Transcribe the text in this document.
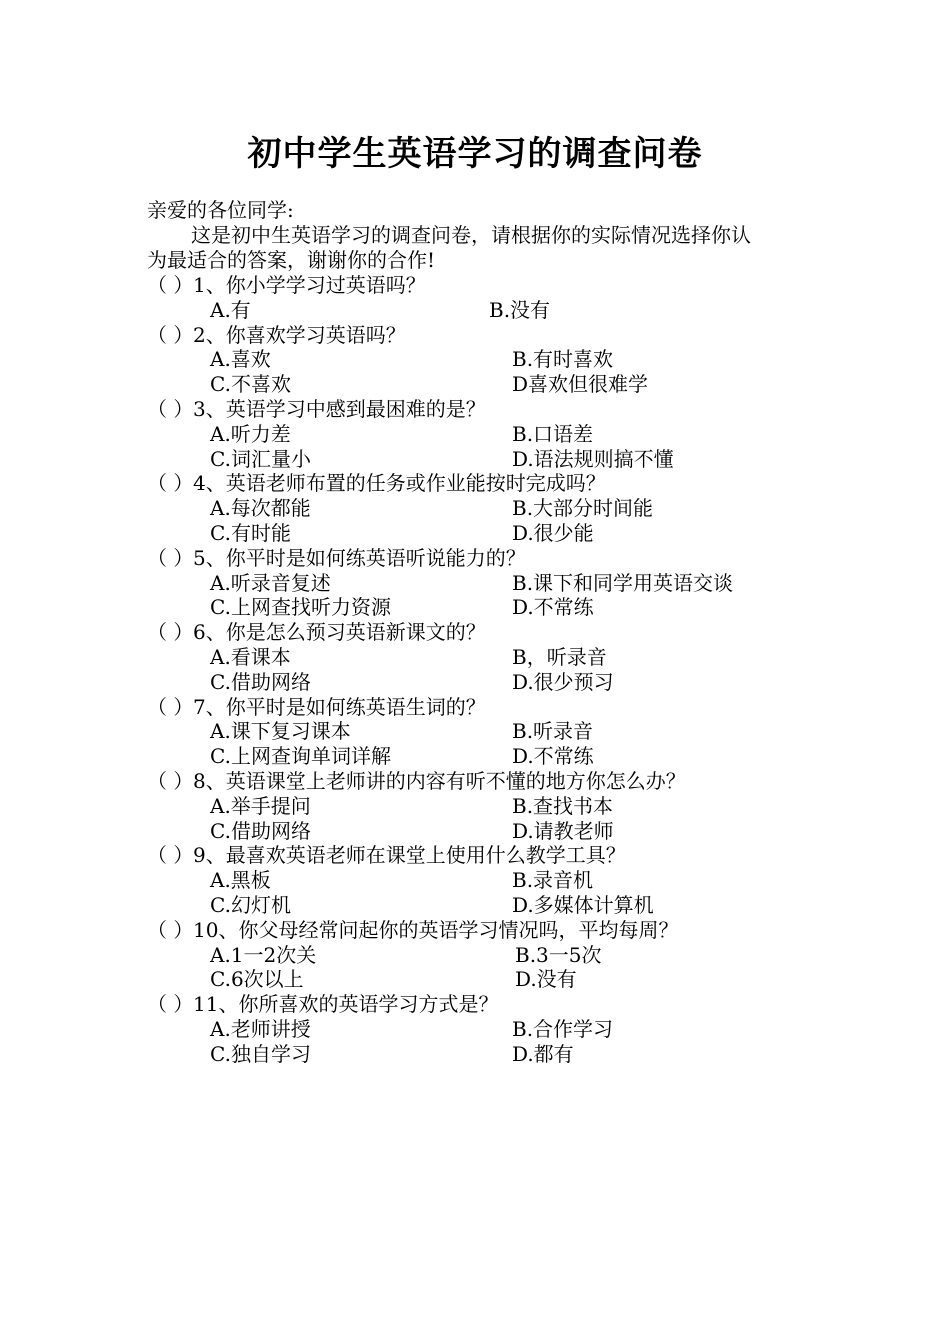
初中学生英语学习的调查问卷
亲爱的各位同学:
这是初中生英语学习的调查问卷，请根据你的实际情况选择你认
为最适合的答案，谢谢你的合作!
（ ） 1、你小学学习过英语吗？
A.有	B.没有
（ ） 2、你喜欢学习英语吗？
A.喜欢	B.有时喜欢
C.不喜欢	D喜欢但很难学
（ ） 3、英语学习中感到最困难的是？
A.听力差	B.口语差
C.词汇量小	D.语法规则搞不懂
（ ） 4、英语老师布置的任务或作业能按时完成吗？
A.每次都能	B.大部分时间能
C.有时能	D.很少能
（ ） 5、你平时是如何练英语听说能力的？
A.听录音复述	B.课下和同学用英语交谈
C.上网查找听力资源	D.不常练
（ ） 6、你是怎么预习英语新课文的？
A.看课本	B，听录音
C.借助网络	D.很少预习
（ ） 7、你平时是如何练英语生词的？
A.课下复习课本	B.听录音
C.上网查询单词详解	D.不常练
（ ） 8、英语课堂上老师讲的内容有听不懂的地方你怎么办？
A.举手提问	B.查找书本
C.借助网络	D.请教老师
（ ） 9、最喜欢英语老师在课堂上使用什么教学工具？
A.黑板	B.录音机
C.幻灯机	D.多媒体计算机
（ ） 10、你父母经常问起你的英语学习情况吗，平均每周？
A.1一2次关	B.3一5次
C.6次以上	D.没有
（ ） 11、你所喜欢的英语学习方式是？
A.老师讲授	B.合作学习
C.独自学习	D.都有
